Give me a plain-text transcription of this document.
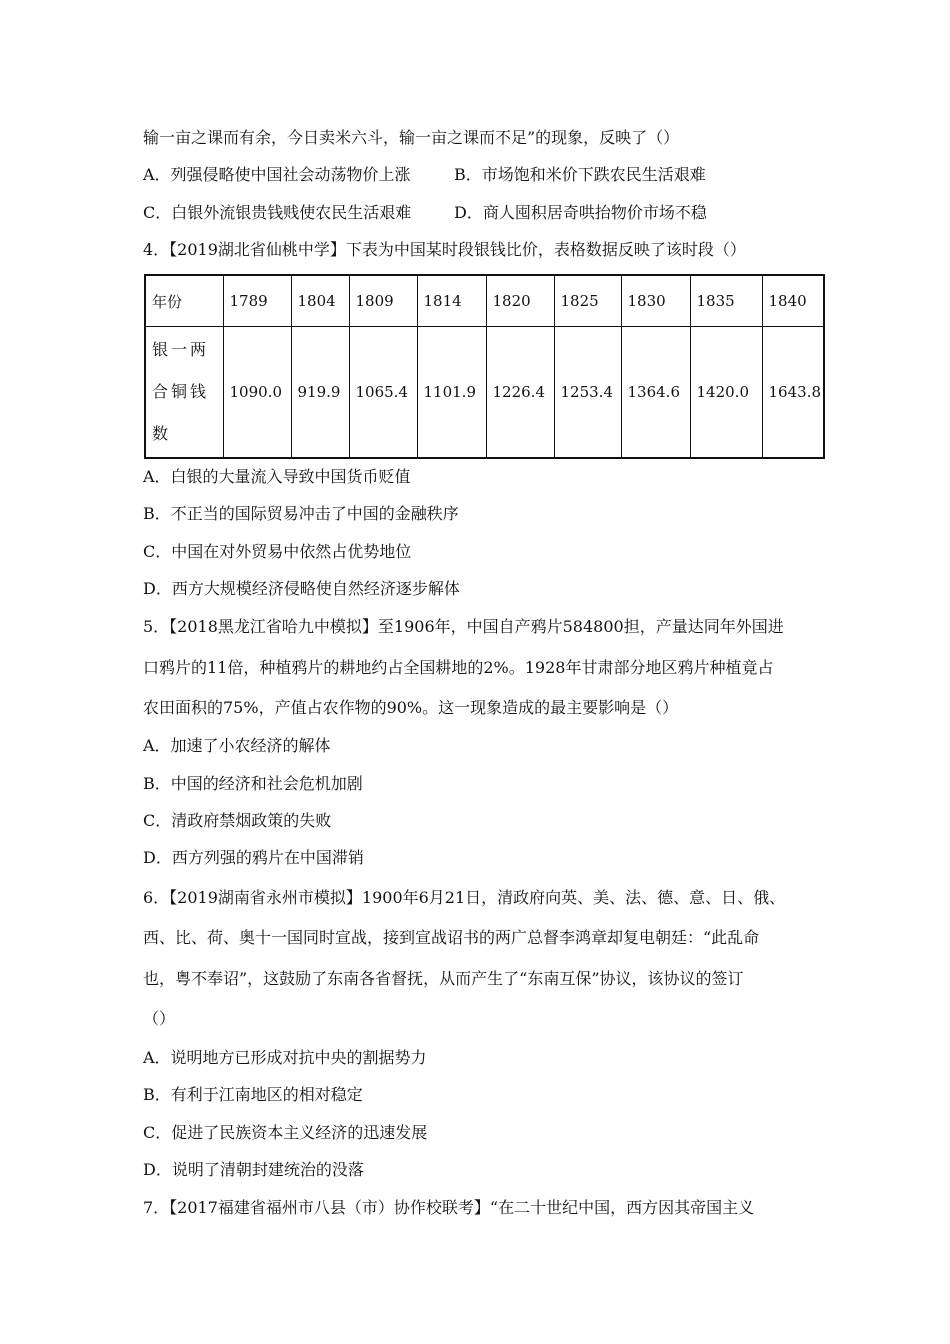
输一亩之课而有余，今日卖米六斗，输一亩之课而不足”的现象，反映了（）
A．列强侵略使中国社会动荡物价上涨	B．市场饱和米价下跌农民生活艰难
C．白银外流银贵钱贱使农民生活艰难	D．商人囤积居奇哄抬物价市场不稳
4．【2019湖北省仙桃中学】下表为中国某时段银钱比价，表格数据反映了该时段（）
年份	1789	1804	1809	1814	1820	1825	1830	1835	1840
银一两合铜钱数	1090.0	919.9	1065.4	1101.9	1226.4	1253.4	1364.6	1420.0	1643.8
A．白银的大量流入导致中国货币贬值
B．不正当的国际贸易冲击了中国的金融秩序
C．中国在对外贸易中依然占优势地位
D．西方大规模经济侵略使自然经济逐步解体
5．【2018黑龙江省哈九中模拟】至1906年，中国自产鸦片584800担，产量达同年外国进
口鸦片的11倍，种植鸦片的耕地约占全国耕地的2%。1928年甘肃部分地区鸦片种植竟占
农田面积的75%，产值占农作物的90%。这一现象造成的最主要影响是（）
A．加速了小农经济的解体
B．中国的经济和社会危机加剧
C．清政府禁烟政策的失败
D．西方列强的鸦片在中国滞销
6．【2019湖南省永州市模拟】1900年6月21日，清政府向英、美、法、德、意、日、俄、
西、比、荷、奥十一国同时宣战，接到宣战诏书的两广总督李鸿章却复电朝廷：“此乱命
也，粤不奉诏”，这鼓励了东南各省督抚，从而产生了“东南互保”协议，该协议的签订
（）
A．说明地方已形成对抗中央的割据势力
B．有利于江南地区的相对稳定
C．促进了民族资本主义经济的迅速发展
D．说明了清朝封建统治的没落
7．【2017福建省福州市八县（市）协作校联考】“在二十世纪中国，西方因其帝国主义
